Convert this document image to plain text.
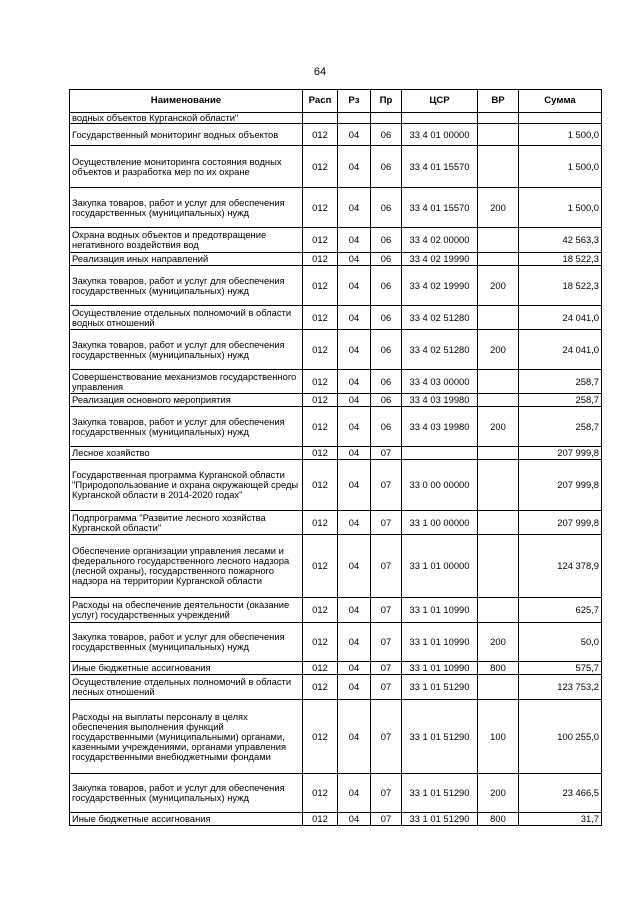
64
Наименование	Расп	Рз	Пр	ЦСР	ВР	Сумма
водных объектов Курганской области"						
Государственный мониторинг водных объектов	012	04	06	33 4 01 00000		1 500,0
Осуществление мониторинга состояния водных объектов и разработка мер по их охране	012	04	06	33 4 01 15570		1 500,0
Закупка товаров, работ и услуг для обеспечения государственных (муниципальных) нужд	012	04	06	33 4 01 15570	200	1 500,0
Охрана водных объектов и предотвращение негативного воздействия вод	012	04	06	33 4 02 00000		42 563,3
Реализация иных направлений	012	04	06	33 4 02 19990		18 522,3
Закупка товаров, работ и услуг для обеспечения государственных (муниципальных) нужд	012	04	06	33 4 02 19990	200	18 522,3
Осуществление отдельных полномочий в области водных отношений	012	04	06	33 4 02 51280		24 041,0
Закупка товаров, работ и услуг для обеспечения государственных (муниципальных) нужд	012	04	06	33 4 02 51280	200	24 041,0
Совершенствование механизмов государственного управления	012	04	06	33 4 03 00000		258,7
Реализация основного мероприятия	012	04	06	33 4 03 19980		258,7
Закупка товаров, работ и услуг для обеспечения государственных (муниципальных) нужд	012	04	06	33 4 03 19980	200	258,7
Лесное хозяйство	012	04	07			207 999,8
Государственная программа Курганской области "Природопользование и охрана окружающей среды Курганской области в 2014-2020 годах"	012	04	07	33 0 00 00000		207 999,8
Подпрограмма "Развитие лесного хозяйства Курганской области"	012	04	07	33 1 00 00000		207 999,8
Обеспечение организации управления лесами и федерального государственного лесного надзора (лесной охраны), государственного пожарного надзора на территории Курганской области	012	04	07	33 1 01 00000		124 378,9
Расходы на обеспечение деятельности (оказание услуг) государственных учреждений	012	04	07	33 1 01 10990		625,7
Закупка товаров, работ и услуг для обеспечения государственных (муниципальных) нужд	012	04	07	33 1 01 10990	200	50,0
Иные бюджетные ассигнования	012	04	07	33 1 01 10990	800	575,7
Осуществление отдельных полномочий в области лесных отношений	012	04	07	33 1 01 51290		123 753,2
Расходы на выплаты персоналу в целях обеспечения выполнения функций государственными (муниципальными) органами, казенными учреждениями, органами управления государственными внебюджетными фондами	012	04	07	33 1 01 51290	100	100 255,0
Закупка товаров, работ и услуг для обеспечения государственных (муниципальных) нужд	012	04	07	33 1 01 51290	200	23 466,5
Иные бюджетные ассигнования	012	04	07	33 1 01 51290	800	31,7
